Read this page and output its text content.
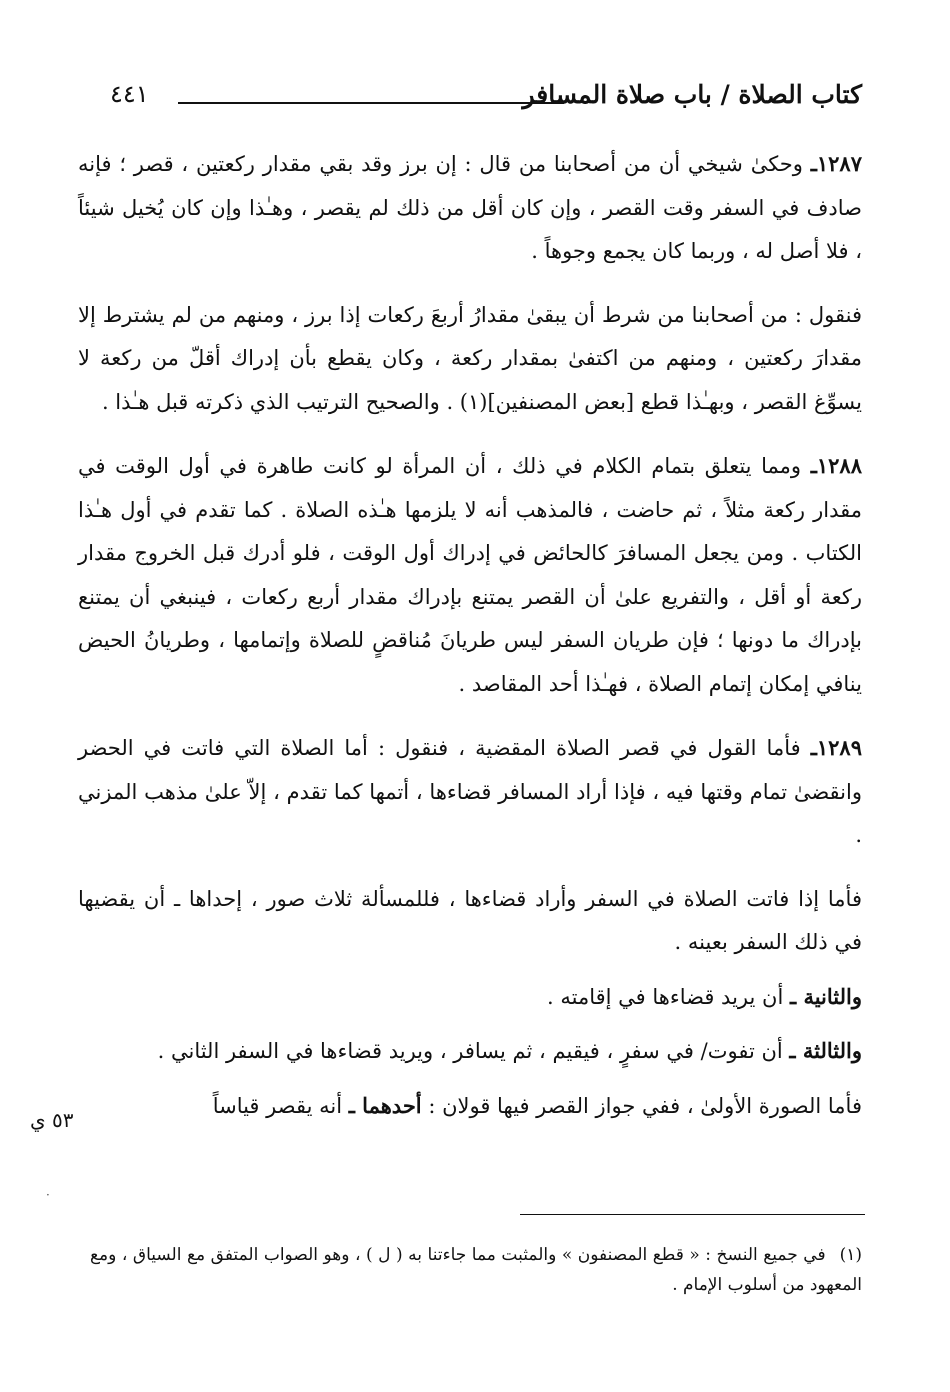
كتاب الصلاة / باب صلاة المسافر
٤٤١

١٢٨٧ـ وحكىٰ شيخي أن من أصحابنا من قال : إن برز وقد بقي مقدار ركعتين ، قصر ؛ فإنه صادف في السفر وقت القصر ، وإن كان أقل من ذلك لم يقصر ، وهـٰذا وإن كان يُخيل شيئاً ، فلا أصل له ، وربما كان يجمع وجوهاً .

فنقول : من أصحابنا من شرط أن يبقىٰ مقدارُ أربعَ ركعات إذا برز ، ومنهم من لم يشترط إلا مقدارَ ركعتين ، ومنهم من اكتفىٰ بمقدار ركعة ، وكان يقطع بأن إدراك أقلّ من ركعة لا يسوِّغ القصر ، وبهـٰذا قطع [بعض المصنفين](١) . والصحيح الترتيب الذي ذكرته قبل هـٰذا .

١٢٨٨ـ ومما يتعلق بتمام الكلام في ذلك ، أن المرأة لو كانت طاهرة في أول الوقت في مقدار ركعة مثلاً ، ثم حاضت ، فالمذهب أنه لا يلزمها هـٰذه الصلاة . كما تقدم في أول هـٰذا الكتاب . ومن يجعل المسافرَ كالحائض في إدراك أول الوقت ، فلو أدرك قبل الخروج مقدار ركعة أو أقل ، والتفريع علىٰ أن القصر يمتنع بإدراك مقدار أربع ركعات ، فينبغي أن يمتنع بإدراك ما دونها ؛ فإن طريان السفر ليس طريانَ مُناقضٍ للصلاة وإتمامها ، وطريانُ الحيض ينافي إمكان إتمام الصلاة ، فهـٰذا أحد المقاصد .

١٢٨٩ـ فأما القول في قصر الصلاة المقضية ، فنقول : أما الصلاة التي فاتت في الحضر وانقضىٰ تمام وقتها فيه ، فإذا أراد المسافر قضاءها ، أتمها كما تقدم ، إلاّ علىٰ مذهب المزني .

فأما إذا فاتت الصلاة في السفر وأراد قضاءها ، فللمسألة ثلاث صور ، إحداها ـ أن يقضيها في ذلك السفر بعينه .

والثانية ـ أن يريد قضاءها في إقامته .

والثالثة ـ أن تفوت/ في سفرٍ ، فيقيم ، ثم يسافر ، ويريد قضاءها في السفر الثاني .

فأما الصورة الأولىٰ ، ففي جواز القصر فيها قولان : أحدهما ـ أنه يقصر قياساً

٥٣ ي
·
(١)في جميع النسخ : « قطع المصنفون » والمثبت مما جاءتنا به ( ل ) ، وهو الصواب المتفق مع السياق ، ومع المعهود من أسلوب الإمام .
